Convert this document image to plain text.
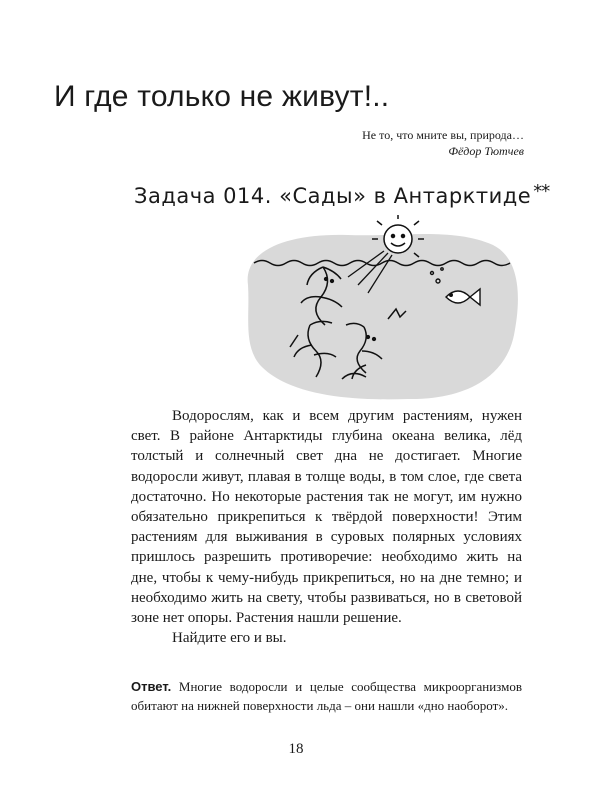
И где только не живут!..
Не то, что мните вы, природа…
Фёдор Тютчев
Задача 014. «Сады» в Антарктиде **

Водорослям, как и всем другим растениям, нужен свет. В районе Антарктиды глубина океана велика, лёд толстый и солнечный свет дна не достигает. Многие водоросли живут, плавая в толще воды, в том слое, где света достаточно. Но некоторые растения так не могут, им нужно обязательно прикрепиться к твёрдой поверхности! Этим растениям для выживания в суровых полярных условиях пришлось разрешить противоречие: необходимо жить на дне, чтобы к чему-нибудь прикрепиться, но на дне темно; и необходимо жить на свету, чтобы развиваться, но в световой зоне нет опоры. Растения нашли решение.

Найдите его и вы.

Ответ. Многие водоросли и целые сообщества микроорганизмов обитают на нижней поверхности льда – они нашли «дно наоборот».
18
